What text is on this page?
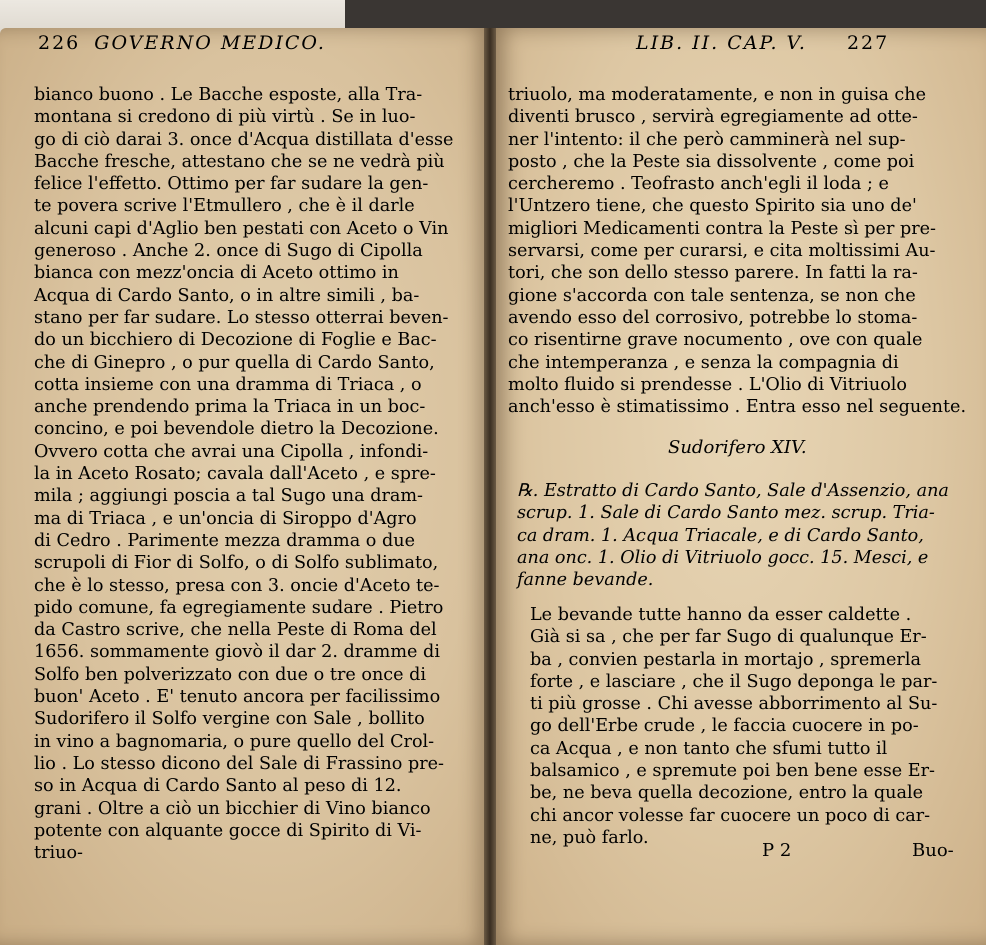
226 GOVERNO MEDICO.	LIB. II. CAP. V. 227
bianco buono . Le Bacche esposte, alla Tra-
montana si credono di più virtù . Se in luo-
go di ciò darai 3. once d'Acqua distillata d'esse
Bacche fresche, attestano che se ne vedrà più
felice l'effetto. Ottimo per far sudare la gen-
te povera scrive l'Etmullero , che è il darle
alcuni capi d'Aglio ben pestati con Aceto o Vin
generoso . Anche 2. once di Sugo di Cipolla
bianca con mezz'oncia di Aceto ottimo in
Acqua di Cardo Santo, o in altre simili , ba-
stano per far sudare. Lo stesso otterrai beven-
do un bicchiero di Decozione di Foglie e Bac-
che di Ginepro , o pur quella di Cardo Santo,
cotta insieme con una dramma di Triaca , o
anche prendendo prima la Triaca in un boc-
concino, e poi bevendole dietro la Decozione.
Ovvero cotta che avrai una Cipolla , infondi-
la in Aceto Rosato; cavala dall'Aceto , e spre-
mila ; aggiungi poscia a tal Sugo una dram-
ma di Triaca , e un'oncia di Siroppo d'Agro
di Cedro . Parimente mezza dramma o due
scrupoli di Fior di Solfo, o di Solfo sublimato,
che è lo stesso, presa con 3. oncie d'Aceto te-
pido comune, fa egregiamente sudare . Pietro
da Castro scrive, che nella Peste di Roma del
1656. sommamente giovò il dar 2. dramme di
Solfo ben polverizzato con due o tre once di
buon' Aceto . E' tenuto ancora per facilissimo
Sudorifero il Solfo vergine con Sale , bollito
in vino a bagnomaria, o pure quello del Crol-
lio . Lo stesso dicono del Sale di Frassino pre-
so in Acqua di Cardo Santo al peso di 12.
grani . Oltre a ciò un bicchier di Vino bianco
potente con alquante gocce di Spirito di Vi-
triuo-
triuolo, ma moderatamente, e non in guisa che
diventi brusco , servirà egregiamente ad otte-
ner l'intento: il che però camminerà nel sup-
posto , che la Peste sia dissolvente , come poi
cercheremo . Teofrasto anch'egli il loda ; e
l'Untzero tiene, che questo Spirito sia uno de'
migliori Medicamenti contra la Peste sì per pre-
servarsi, come per curarsi, e cita moltissimi Au-
tori, che son dello stesso parere. In fatti la ra-
gione s'accorda con tale sentenza, se non che
avendo esso del corrosivo, potrebbe lo stoma-
co risentirne grave nocumento , ove con quale
che intemperanza , e senza la compagnia di
molto fluido si prendesse . L'Olio di Vitriuolo
anch'esso è stimatissimo . Entra esso nel seguente.
Sudorifero XIV.
℞. Estratto di Cardo Santo, Sale d'Assenzio, ana
scrup. 1. Sale di Cardo Santo mez. scrup. Tria-
ca dram. 1. Acqua Triacale, e di Cardo Santo,
ana onc. 1. Olio di Vitriuolo gocc. 15. Mesci, e
fanne bevande.
Le bevande tutte hanno da esser caldette .
Già si sa , che per far Sugo di qualunque Er-
ba , convien pestarla in mortajo , spremerla
forte , e lasciare , che il Sugo deponga le par-
ti più grosse . Chi avesse abborrimento al Su-
go dell'Erbe crude , le faccia cuocere in po-
ca Acqua , e non tanto che sfumi tutto il
balsamico , e spremute poi ben bene esse Er-
be, ne beva quella decozione, entro la quale
chi ancor volesse far cuocere un poco di car-
ne, può farlo.
P 2	Buo-
